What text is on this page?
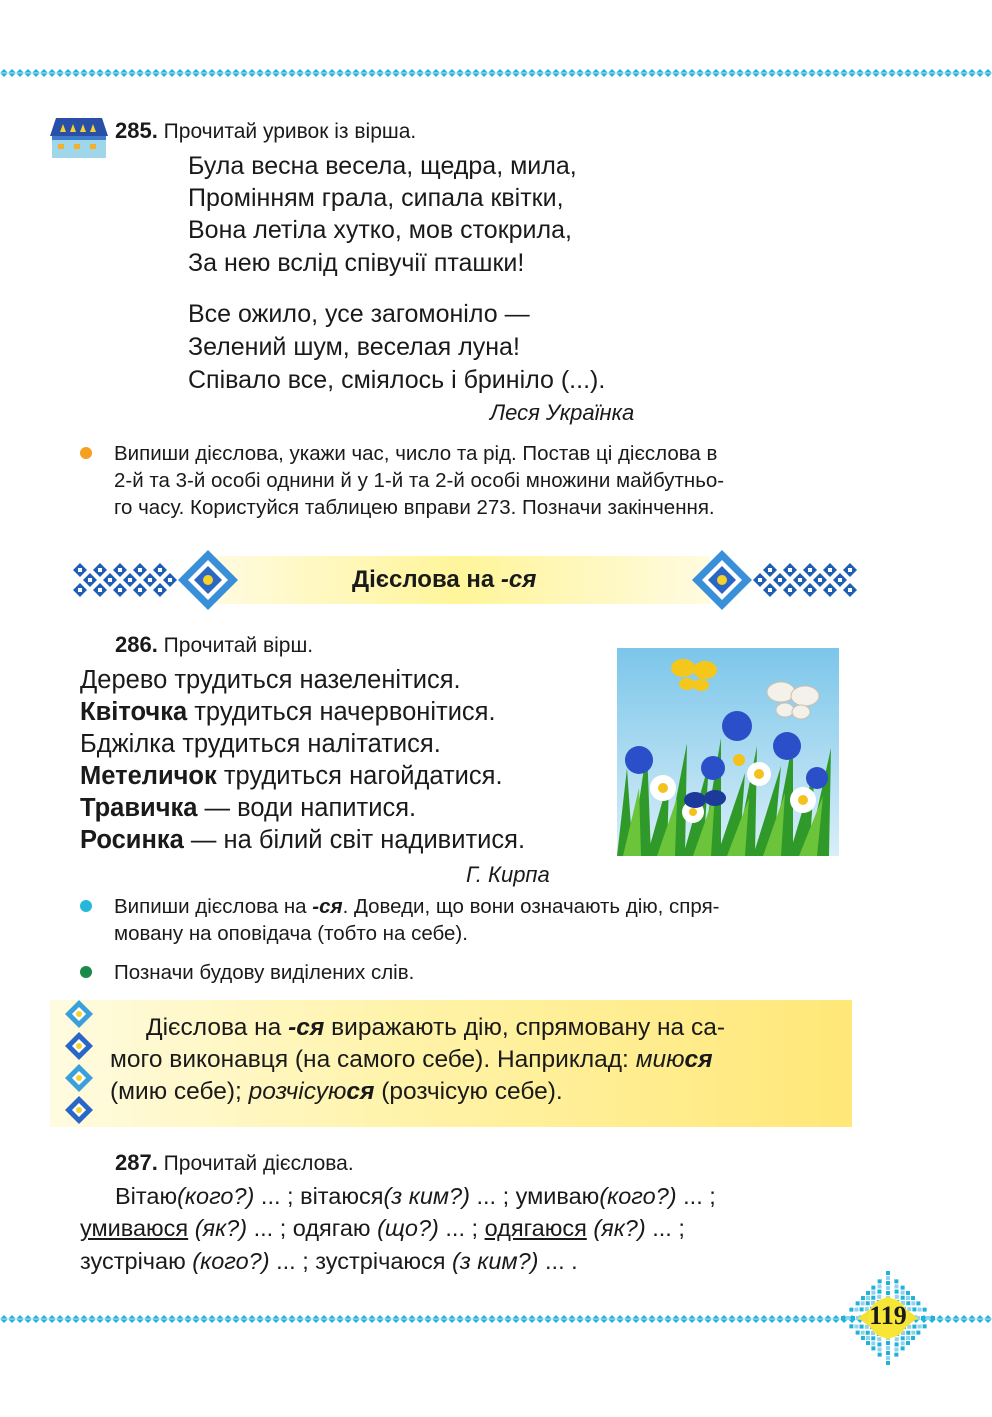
285. Прочитай уривок із вірша.
Була весна весела, щедра, мила,
Промінням грала, сипала квітки,
Вона летіла хутко, мов стокрила,
За нею вслід співучії пташки!
Все ожило, усе загомоніло —
Зелений шум, веселая луна!
Співало все, сміялось і бриніло (...).
Леся Українка
Випиши дієслова, укажи час, число та рід. Постав ці дієслова в
2-й та 3-й особі однини й у 1-й та 2-й особі множини майбутньо-
го часу. Користуйся таблицею вправи 273. Позначи закінчення.
Дієслова на -ся
286. Прочитай вірш.
Дерево трудиться назеленітися.
Квіточка трудиться начервонітися.
Бджілка трудиться налітатися.
Метеличок трудиться нагойдатися.
Травичка — води напитися.
Росинка — на білий світ надивитися.
Г. Кирпа
Випиши дієслова на -ся. Доведи, що вони означають дію, спря-
мовану на оповідача (тобто на себе).
Позначи будову виділених слів.
Дієслова на -ся виражають дію, спрямовану на са-
мого виконавця (на самого себе). Наприклад: миюся
(мию себе); розчісуюся (розчісую себе).
287. Прочитай дієслова.
Вітаю(кого?) ... ; вітаюся(з ким?) ... ; умиваю(кого?) ... ;
умиваюся (як?) ... ; одягаю (що?) ... ; одягаюся (як?) ... ;
зустрічаю (кого?) ... ; зустрічаюся (з ким?) ... .
119
